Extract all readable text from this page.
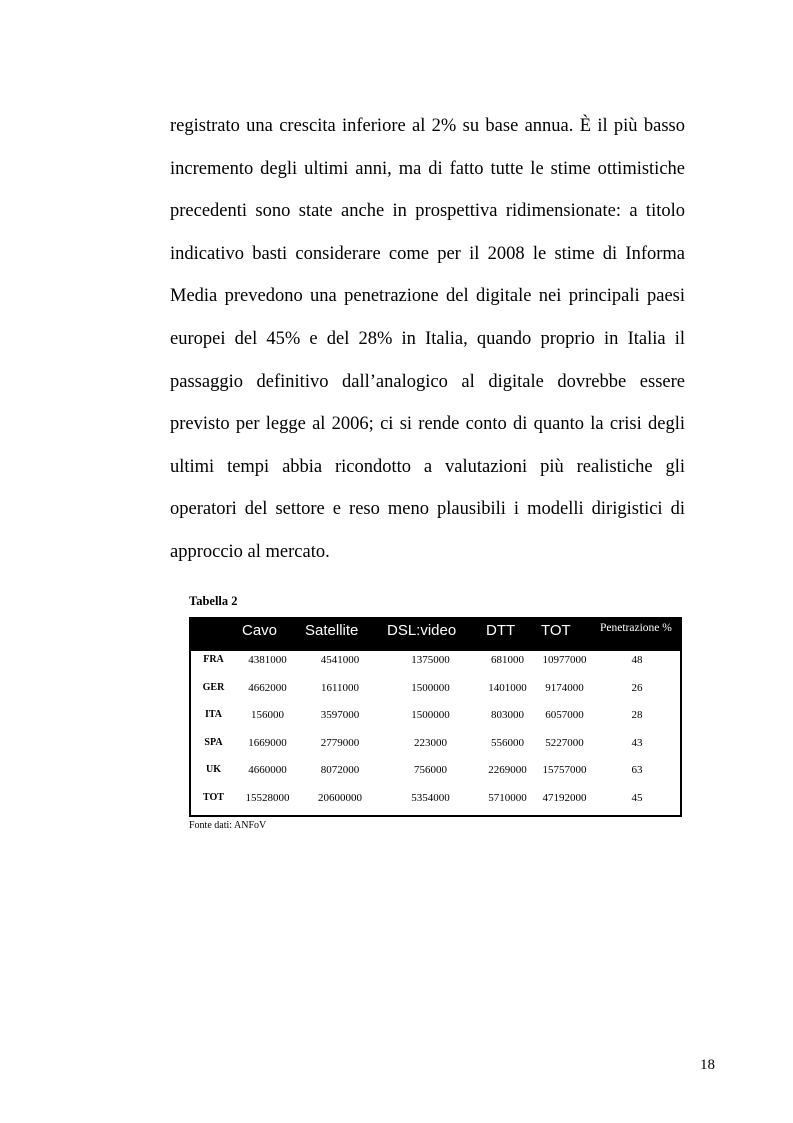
registrato una crescita inferiore al 2% su base annua. È il più basso
incremento degli ultimi anni, ma di fatto tutte le stime ottimistiche
precedenti sono state anche in prospettiva ridimensionate: a titolo
indicativo basti considerare come per il 2008 le stime di Informa
Media prevedono una penetrazione del digitale nei principali paesi
europei del 45% e del 28% in Italia, quando proprio in Italia il
passaggio definitivo dall’analogico al digitale dovrebbe essere
previsto per legge al 2006; ci si rende conto di quanto la crisi degli
ultimi tempi abbia ricondotto a valutazioni più realistiche gli
operatori del settore e reso meno plausibili i modelli dirigistici di
approccio al mercato.
Tabella 2
	Cavo	Satellite	DSL:video	DTT	TOT	Penetrazione %
FRA	4381000	4541000	1375000	681000	10977000	48
GER	4662000	1611000	1500000	1401000	9174000	26
ITA	156000	3597000	1500000	803000	6057000	28
SPA	1669000	2779000	223000	556000	5227000	43
UK	4660000	8072000	756000	2269000	15757000	63
TOT	15528000	20600000	5354000	5710000	47192000	45
Fonte dati: ANFoV
18
